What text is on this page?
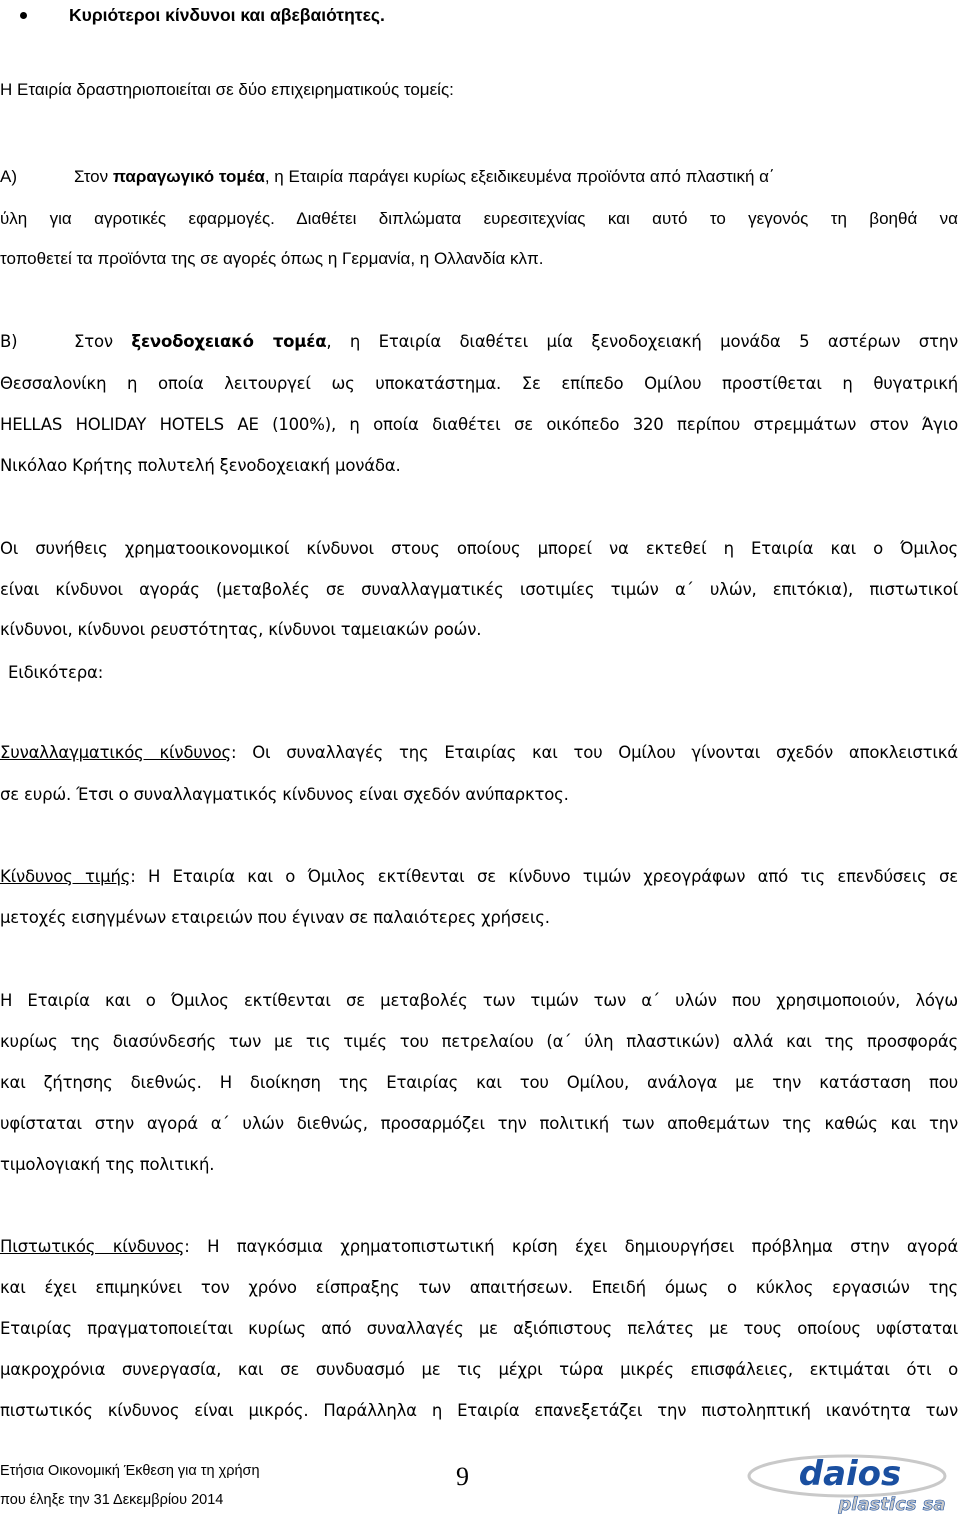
Κυριότεροι κίνδυνοι και αβεβαιότητες.
Η Εταιρία δραστηριοποιείται σε δύο επιχειρηματικούς τομείς:
Α)	Στον παραγωγικό τομέα, η Εταιρία παράγει κυρίως εξειδικευμένα προϊόντα από πλαστική α΄
ύλη για αγροτικές εφαρμογές. Διαθέτει διπλώματα ευρεσιτεχνίας και αυτό το γεγονός τη βοηθά να
τοποθετεί τα προϊόντα της σε αγορές όπως η Γερμανία, η Ολλανδία κλπ.
Β)	Στον ξενοδοχειακό τομέα, η Εταιρία διαθέτει μία ξενοδοχειακή μονάδα 5 αστέρων στην
Θεσσαλονίκη η οποία λειτουργεί ως υποκατάστημα. Σε επίπεδο Ομίλου προστίθεται η θυγατρική
HELLAS HOLIDAY HOTELS AE (100%), η οποία διαθέτει σε οικόπεδο 320 περίπου στρεμμάτων στον Άγιο
Νικόλαο Κρήτης πολυτελή ξενοδοχειακή μονάδα.
Οι συνήθεις χρηματοοικονομικοί κίνδυνοι στους οποίους μπορεί να εκτεθεί η Εταιρία και ο Όμιλος
είναι κίνδυνοι αγοράς (μεταβολές σε συναλλαγματικές ισοτιμίες τιμών α΄ υλών, επιτόκια), πιστωτικοί
κίνδυνοι, κίνδυνοι ρευστότητας, κίνδυνοι ταμειακών ροών.
Ειδικότερα:
Συναλλαγματικός κίνδυνος: Οι συναλλαγές της Εταιρίας και του Ομίλου γίνονται σχεδόν αποκλειστικά
σε ευρώ. Έτσι ο συναλλαγματικός κίνδυνος είναι σχεδόν ανύπαρκτος.
Κίνδυνος τιμής: Η Εταιρία και ο Όμιλος εκτίθενται σε κίνδυνο τιμών χρεογράφων από τις επενδύσεις σε
μετοχές εισηγμένων εταιρειών που έγιναν σε παλαιότερες χρήσεις.
Η Εταιρία και ο Όμιλος εκτίθενται σε μεταβολές των τιμών των α΄ υλών που χρησιμοποιούν, λόγω
κυρίως της διασύνδεσής των με τις τιμές του πετρελαίου (α΄ ύλη πλαστικών) αλλά και της προσφοράς
και ζήτησης διεθνώς. Η διοίκηση της Εταιρίας και του Ομίλου, ανάλογα με την κατάσταση που
υφίσταται στην αγορά α΄ υλών διεθνώς, προσαρμόζει την πολιτική των αποθεμάτων της καθώς και την
τιμολογιακή της πολιτική.
Πιστωτικός κίνδυνος: Η παγκόσμια χρηματοπιστωτική κρίση έχει δημιουργήσει πρόβλημα στην αγορά
και έχει επιμηκύνει τον χρόνο είσπραξης των απαιτήσεων. Επειδή όμως ο κύκλος εργασιών της
Εταιρίας πραγματοποιείται κυρίως από συναλλαγές με αξιόπιστους πελάτες με τους οποίους υφίσταται
μακροχρόνια συνεργασία, και σε συνδυασμό με τις μέχρι τώρα μικρές επισφάλειες, εκτιμάται ότι ο
πιστωτικός κίνδυνος είναι μικρός. Παράλληλα η Εταιρία επανεξετάζει την πιστοληπτική ικανότητα των
Ετήσια Οικονομική Έκθεση για τη χρήση
που έληξε την 31 Δεκεμβρίου 2014
9	daios
plastics sa
